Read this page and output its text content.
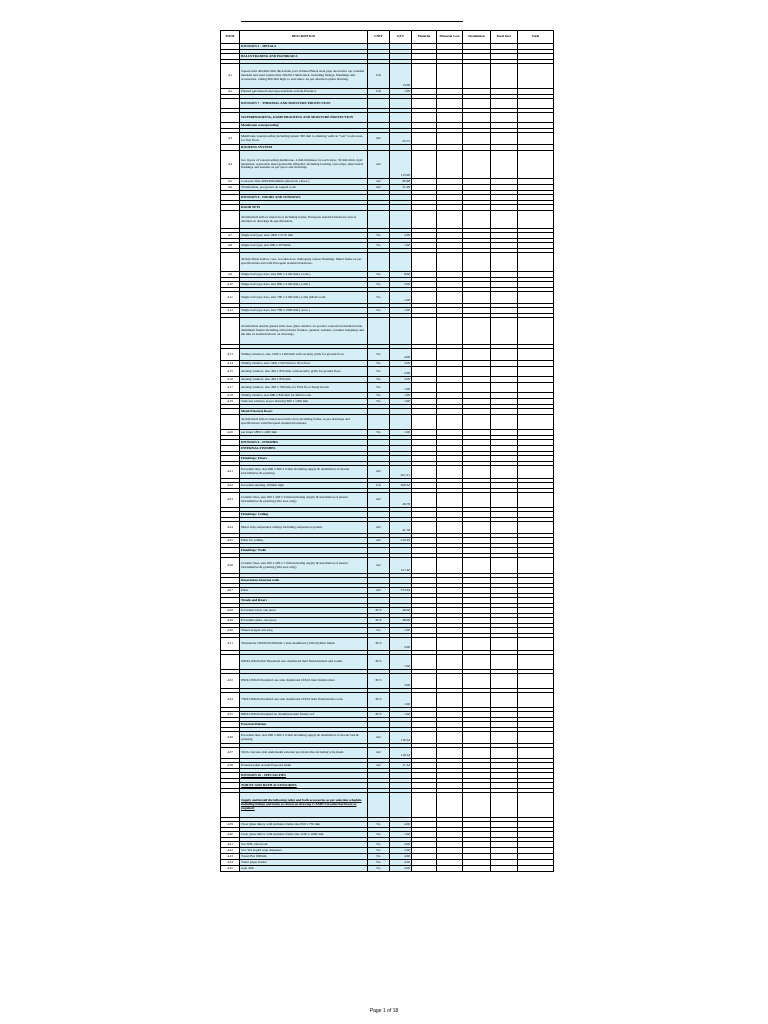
ITEM	DESCRIPTION	UNIT	QTY	Material	Material Cost	Installation	Total Incl.	Total
	DIVISION 5 - METALS							

	BALUSTRADING AND HANDRAILS							

A1	Square tube 40x40x2 mm thick main post. Painted Black steel pipe decorative top rounded handrail and steel square tube 20x20x1.5mm thick, including fixings, finishings and accessories, railing 900 mm high, to suit stairs. As per attached option drawing.	Lm	13.00					
A2	Painted galvanized steel pipe handrail at main Entrance	Lm	1.00					

	DIVISION 7 - THERMAL AND MOISTURE PROTECTION							

	WATERPROOFING, DAMP PROOFING AND MOISTURE PROTECTION							
	Membrane waterproofing							

A3	Membrane waterproofing including upturn 300 mm to abutting walls in "wet" room areas for first floor.	m2	25.75					
	ROOFING SYSTEM							
A4	two layers of waterproofing membrane, 4 mm thickness for each layer, 30 mm thick rigid insulation, separation sheet geotextile 200g/m2, including forming cant strips, sheet metal flashings and sealants as per specs and drawings.	m2	115.99					
A5	Concrete Tiles 400x400x40mm (interlock ) Roof )	m2	99.68					
A6	50 mm thick, pea gravel on topped roofs	m2	31.08					

	DIVISION 8 - DOORS AND WINDOWS							

	DOOR SETS							
	44 mm thick hollow metal door including frame, European standard hardware and as detailed on drawings & specifications.							

A7	Single leaf type, size 1000 x 2170 mm	No	2.00					

A8	Single leaf type, size 900 x 2070mm	No	1.00					

	40 mm Thick hollow core, wooden door, mahogany veneer finishing. Metal frame as per specifications and with European standard hardware.							
A9	Single leaf type door, size 900 x 2100 mm ( room )	No	8.00					

A10	Single leaf type door, size 800 x 2100 mm ( toilet )	No	3.00					

A11	Single leaf type door, size 700 x 2100 mm ( toilet )Maid room	No	1.00					

A12	Single leaf type door, size 700 x 1900 mm ( store )	No	1.00					

	24 mm thick double glazed with clear glass window on powder coated non thermal break aluminum frames including all hardware fixtures, gaskets, sealants, weather strippings and the like as detailed/shown on drawings.							

A13	Sliding windows, size 1200 x 1200 mm with security grills for ground floor.	No	4.00					
A14	Sliding window, size 1200 x 920 mm for first floor.	No	3.00					
A15	Awning window, size 450 x 850 mm, with security grills for ground floor.	No	2.00					
A16	Awning window, size 450 x 650 mm	No	3.00					
A17	Awning window, size 450 x 780 mm, for First floor Study Room	No	1.00					
A18	Sliding window, size 680 x 820 mm for Maid room.	No	1.00					
A19	Staircase window as per drawing 600 x 1200 mm	No	1.00					

	Metal External Doors							
	44 mm thick hollow metal decorative door including frame, as per drawings and specifications with European standard hardware.							
A20	per inner 1800 x 2200 mm	No	1.00					

	DIVISION 9 - FINISHES							
	INTERNAL FINISHES							

	Finishings: Floors							

A21	Porcelain tiles, size 600 x 600 x 9 mm including supply & installation of mortar bed/adhesive & grouting	m2	201.21					

A22	Porcelain skirting, 100mm high	Lm	206.52					

A23	Ceramic tiles, size 200 x 200 x 9 mm including supply & installation of mortar bed/adhesive & grouting (Wet area only)	m2	26.78					

	Finishings: Ceiling							

A24	Metal strip suspended ceilings including suspension system.	m2	41.76					

A25	Paint for ceiling.	m2	210.35					

	Finishings: Walls							

A26	Ceramic tiles, size 200 x 200 x 7 mm including supply & installation of mortar bed/adhesive & grouting (Wet area only)	m2	127.40					

	Decorations Internal walls							

A27	Paint	m2	573.04					

	Treads and Risers							

A28	Porcelain tread, one piece	PCS	48.00					

A29	Porcelain risers, one piece	PCS	48.00					

A30	Wheel stopper 2m long	No	1.00					

A31	Thresholds 1000X210X20mm 1 side chamfered (10X10) Matt finish	PCS	2.00					

	950X210X20 mm Threshold one chamfered matt finish kitchen and rooms	PCS	7.00					

A32	850X130X20 threshold one side chamfered 10X10 matt finish toilets	PCS	3.00					

A34	750X130X20 threshold one side chamfered 10X10 matt finish maids room	PCS	1.00					

A35	800X130X20 threshold no chamfered matt finish roof	PCS	1.00					

	External Finishes							

A36	Porcelain tiles, size 600 x 600 x 9 mm including supply & installation of mortar bed & grouting	m2	116.54					

A37	50cm concrete slab underneath external porcelain tiles including wire mesh	m2	116.54					

A38	External paint around Exposed beam	m2	11.34					

	DIVISION 10 - SPECIALTIES							

	TOILET AND BATH ACCESSORIES							

	Supply and install the following toilet and bath accessories as per selection schedule including fixings and items as shown on drawing C/AMP/3 in toilet hardware as required:							

A39	Clear glass mirror with stainless frame size 650 x 750 mm	No	4.00					

A40	Clear glass mirror with stainless frame size 1100 x 1000 mm	No	1.00					

A41	Sol. RH, robe hook	No	4.00					
A42	Sol. SD, liquid soap dispenser	No	1.00					
A43	Towel Bar 600mm	No	4.00					
A44	Toilet paper holder	No	4.00					
A45	soap dish	No	4.00					
Page 1 of 18
